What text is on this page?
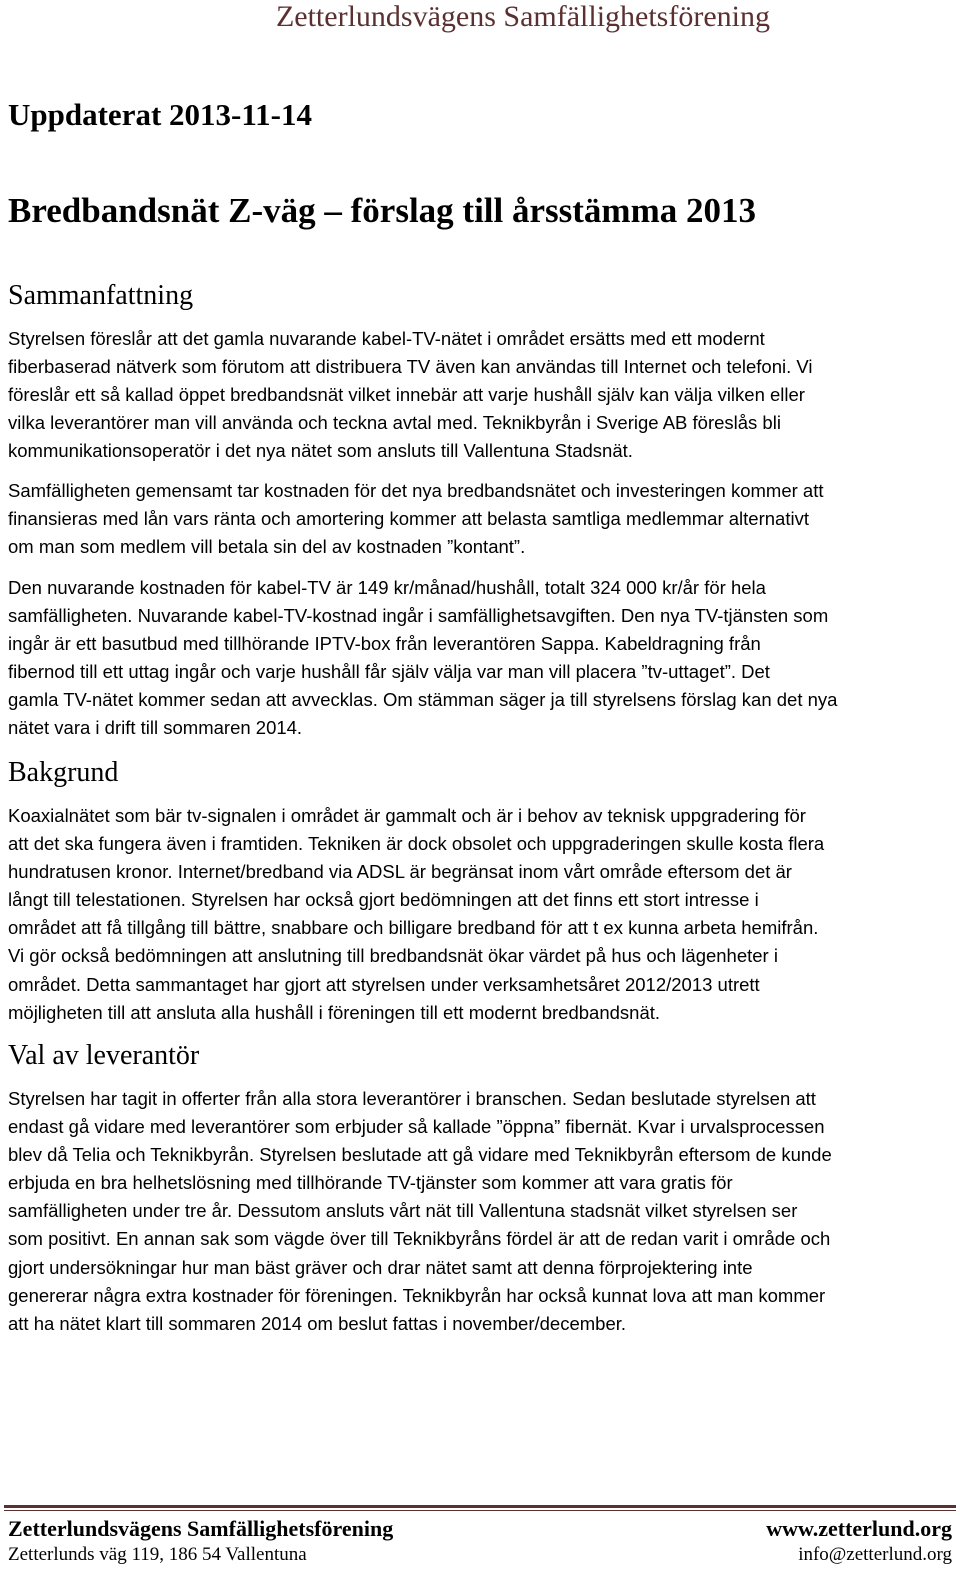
Zetterlundsvägens Samfällighetsförening
Uppdaterat 2013-11-14
Bredbandsnät Z-väg – förslag till årsstämma 2013
Sammanfattning

Styrelsen föreslår att det gamla nuvarande kabel-TV-nätet i området ersätts med ett modernt
fiberbaserad nätverk som förutom att distribuera TV även kan användas till Internet och telefoni. Vi
föreslår ett så kallad öppet bredbandsnät vilket innebär att varje hushåll själv kan välja vilken eller
vilka leverantörer man vill använda och teckna avtal med. Teknikbyrån i Sverige AB föreslås bli
kommunikationsoperatör i det nya nätet som ansluts till Vallentuna Stadsnät.

Samfälligheten gemensamt tar kostnaden för det nya bredbandsnätet och investeringen kommer att
finansieras med lån vars ränta och amortering kommer att belasta samtliga medlemmar alternativt
om man som medlem vill betala sin del av kostnaden ”kontant”.

Den nuvarande kostnaden för kabel-TV är 149 kr/månad/hushåll, totalt 324 000 kr/år för hela
samfälligheten. Nuvarande kabel-TV-kostnad ingår i samfällighetsavgiften. Den nya TV-tjänsten som
ingår är ett basutbud med tillhörande IPTV-box från leverantören Sappa. Kabeldragning från
fibernod till ett uttag ingår och varje hushåll får själv välja var man vill placera ”tv-uttaget”. Det
gamla TV-nätet kommer sedan att avvecklas. Om stämman säger ja till styrelsens förslag kan det nya
nätet vara i drift till sommaren 2014.

Bakgrund

Koaxialnätet som bär tv-signalen i området är gammalt och är i behov av teknisk uppgradering för
att det ska fungera även i framtiden. Tekniken är dock obsolet och uppgraderingen skulle kosta flera
hundratusen kronor. Internet/bredband via ADSL är begränsat inom vårt område eftersom det är
långt till telestationen. Styrelsen har också gjort bedömningen att det finns ett stort intresse i
området att få tillgång till bättre, snabbare och billigare bredband för att t ex kunna arbeta hemifrån.
Vi gör också bedömningen att anslutning till bredbandsnät ökar värdet på hus och lägenheter i
området. Detta sammantaget har gjort att styrelsen under verksamhetsåret 2012/2013 utrett
möjligheten till att ansluta alla hushåll i föreningen till ett modernt bredbandsnät.

Val av leverantör

Styrelsen har tagit in offerter från alla stora leverantörer i branschen. Sedan beslutade styrelsen att
endast gå vidare med leverantörer som erbjuder så kallade ”öppna” fibernät. Kvar i urvalsprocessen
blev då Telia och Teknikbyrån. Styrelsen beslutade att gå vidare med Teknikbyrån eftersom de kunde
erbjuda en bra helhetslösning med tillhörande TV-tjänster som kommer att vara gratis för
samfälligheten under tre år. Dessutom ansluts vårt nät till Vallentuna stadsnät vilket styrelsen ser
som positivt. En annan sak som vägde över till Teknikbyråns fördel är att de redan varit i område och
gjort undersökningar hur man bäst gräver och drar nätet samt att denna förprojektering inte
genererar några extra kostnader för föreningen. Teknikbyrån har också kunnat lova att man kommer
att ha nätet klart till sommaren 2014 om beslut fattas i november/december.

Zetterlundsvägens Samfällighetsförening	www.zetterlund.org
Zetterlunds väg 119, 186 54 Vallentuna	info@zetterlund.org
